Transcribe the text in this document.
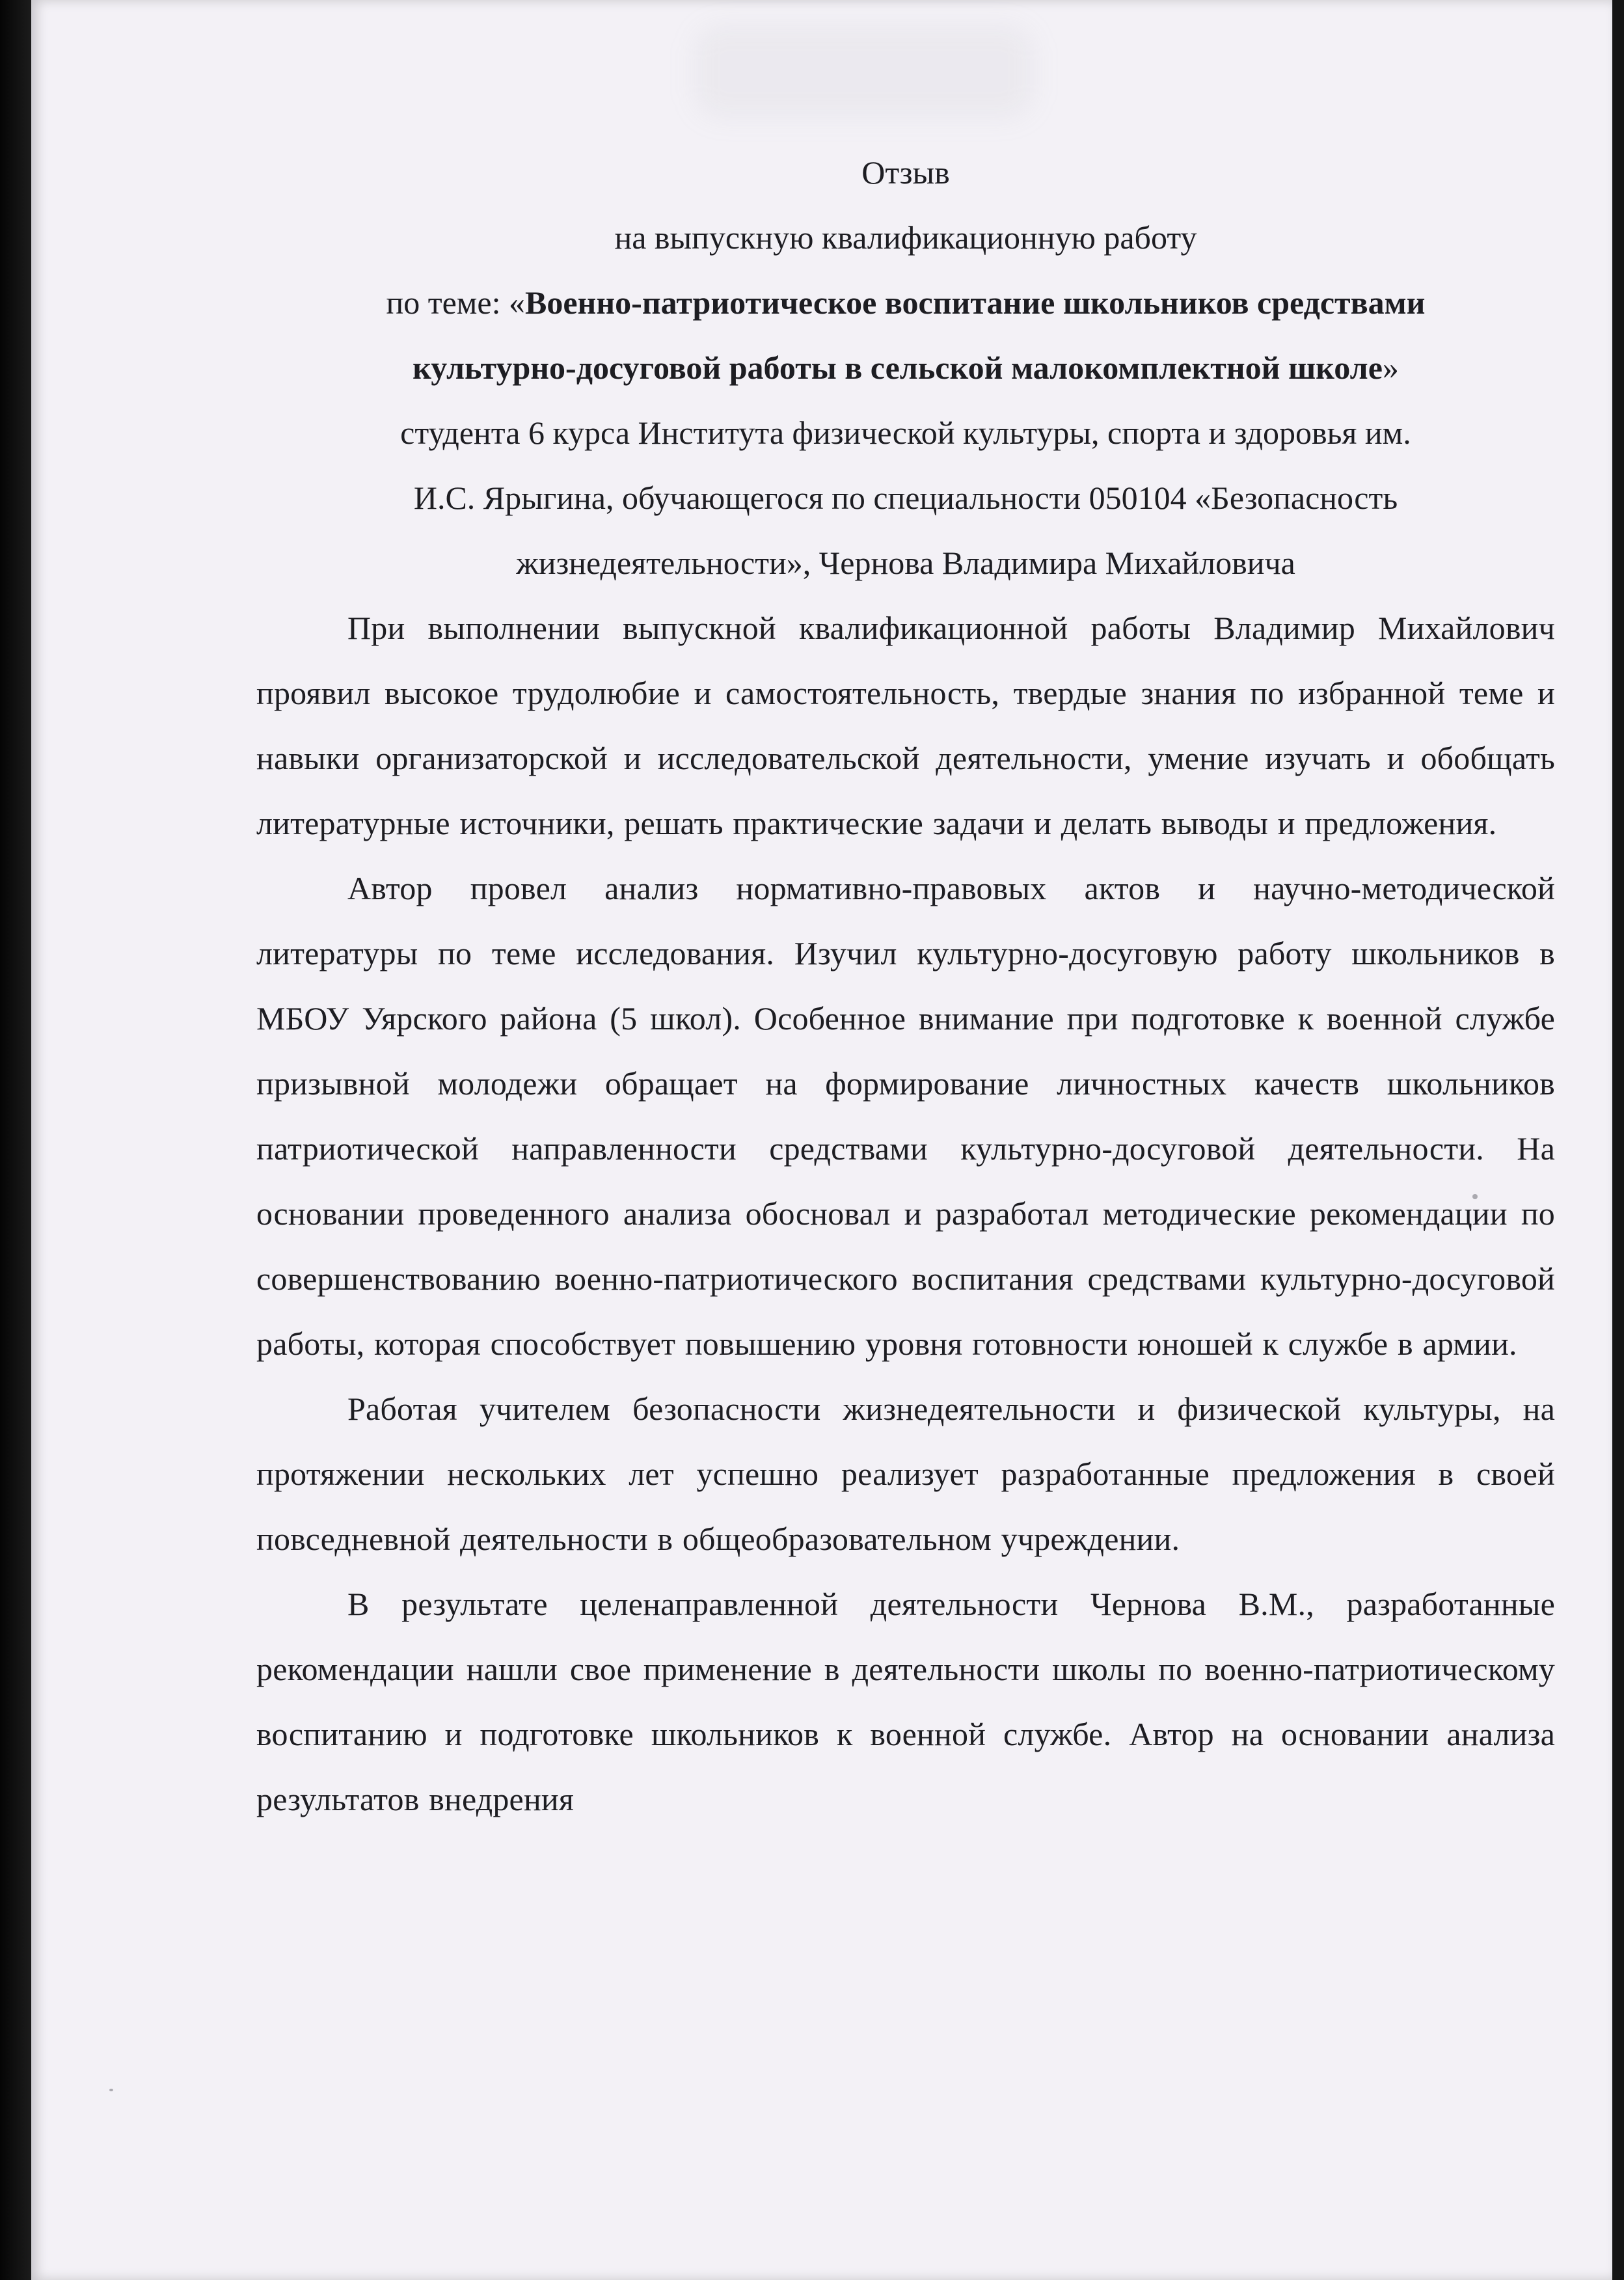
Отзыв
на выпускную квалификационную работу
по теме: «Военно-патриотическое воспитание школьников средствами
культурно-досуговой работы в сельской малокомплектной школе»
студента 6 курса Института физической культуры, спорта и здоровья им.
И.С. Ярыгина, обучающегося по специальности 050104 «Безопасность
жизнедеятельности», Чернова Владимира Михайловича

При выполнении выпускной квалификационной работы Владимир Михайлович проявил высокое трудолюбие и самостоятельность, твердые знания по избранной теме и навыки организаторской и исследовательской деятельности, умение изучать и обобщать литературные источники, решать практические задачи и делать выводы и предложения.

Автор провел анализ нормативно-правовых актов и научно-методической литературы по теме исследования. Изучил культурно-досуговую работу школьников в МБОУ Уярского района (5 школ). Особенное внимание при подготовке к военной службе призывной молодежи обращает на формирование личностных качеств школьников патриотической направленности средствами культурно-досуговой деятельности. На основании проведенного анализа обосновал и разработал методические рекомендации по совершенствованию военно-патриотического воспитания средствами культурно-досуговой работы, которая способствует повышению уровня готовности юношей к службе в армии.

Работая учителем безопасности жизнедеятельности и физической культуры, на протяжении нескольких лет успешно реализует разработанные предложения в своей повседневной деятельности в общеобразовательном учреждении.

В результате целенаправленной деятельности Чернова В.М., разработанные рекомендации нашли свое применение в деятельности школы по военно-патриотическому воспитанию и подготовке школьников к военной службе. Автор на основании анализа результатов внедрения
